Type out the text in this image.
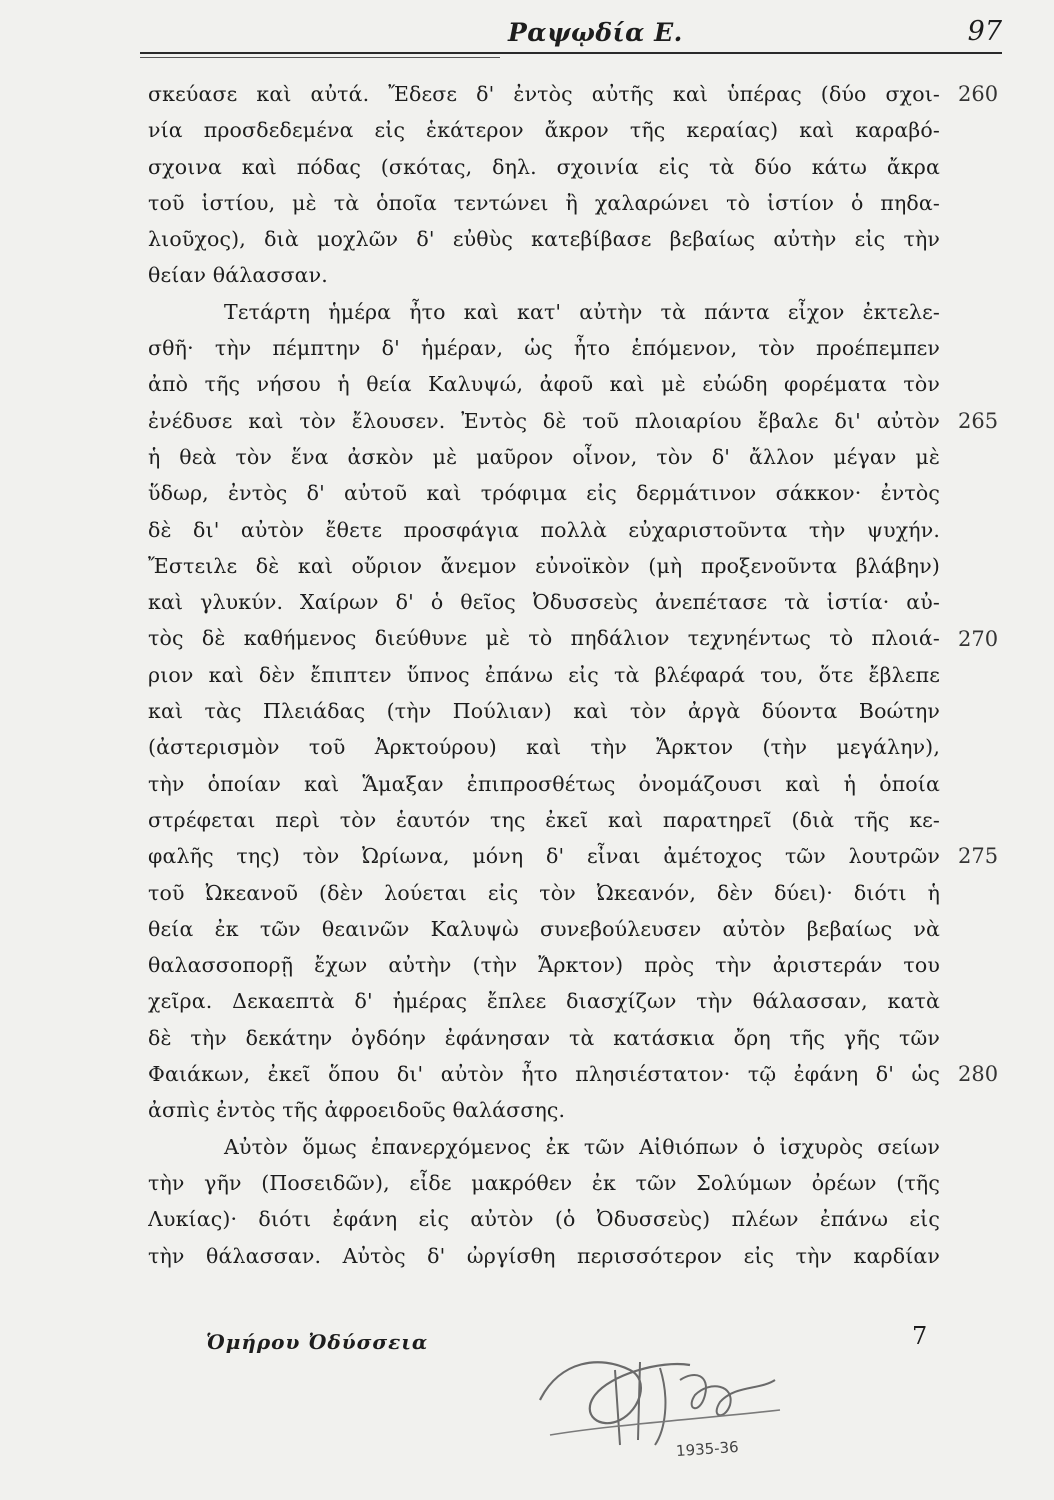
Ραψῳδία Ε.	97
σκεύασε καὶ αὐτά. Ἔδεσε δ' ἐντὸς αὐτῆς καὶ ὑπέρας (δύο σχοι-
νία προσδεδεμένα εἰς ἑκάτερον ἄκρον τῆς κεραίας) καὶ καραβό-
σχοινα καὶ πόδας (σκότας, δηλ. σχοινία εἰς τὰ δύο κάτω ἄκρα
τοῦ ἱστίου, μὲ τὰ ὁποῖα τεντώνει ἢ χαλαρώνει τὸ ἱστίον ὁ πηδα-
λιοῦχος), διὰ μοχλῶν δ' εὐθὺς κατεβίβασε βεβαίως αὐτὴν εἰς τὴν
θείαν θάλασσαν.
Τετάρτη ἡμέρα ἦτο καὶ κατ' αὐτὴν τὰ πάντα εἶχον ἐκτελε-
σθῆ· τὴν πέμπτην δ' ἡμέραν, ὡς ἦτο ἑπόμενον, τὸν προέπεμπεν
ἀπὸ τῆς νήσου ἡ θεία Καλυψώ, ἀφοῦ καὶ μὲ εὐώδη φορέματα τὸν
ἐνέδυσε καὶ τὸν ἔλουσεν. Ἐντὸς δὲ τοῦ πλοιαρίου ἔβαλε δι' αὐτὸν
ἡ θεὰ τὸν ἕνα ἀσκὸν μὲ μαῦρον οἶνον, τὸν δ' ἄλλον μέγαν μὲ
ὕδωρ, ἐντὸς δ' αὐτοῦ καὶ τρόφιμα εἰς δερμάτινον σάκκον· ἐντὸς
δὲ δι' αὐτὸν ἔθετε προσφάγια πολλὰ εὐχαριστοῦντα τὴν ψυχήν.
Ἔστειλε δὲ καὶ οὔριον ἄνεμον εὐνοϊκὸν (μὴ προξενοῦντα βλάβην)
καὶ γλυκύν. Χαίρων δ' ὁ θεῖος Ὀδυσσεὺς ἀνεπέτασε τὰ ἱστία· αὐ-
τὸς δὲ καθήμενος διεύθυνε μὲ τὸ πηδάλιον τεχνηέντως τὸ πλοιά-
ριον καὶ δὲν ἔπιπτεν ὕπνος ἐπάνω εἰς τὰ βλέφαρά του, ὅτε ἔβλεπε
καὶ τὰς Πλειάδας (τὴν Πούλιαν) καὶ τὸν ἀργὰ δύοντα Βοώτην
(ἀστερισμὸν τοῦ Ἀρκτούρου) καὶ τὴν Ἄρκτον (τὴν μεγάλην),
τὴν ὁποίαν καὶ Ἅμαξαν ἐπιπροσθέτως ὀνομάζουσι καὶ ἡ ὁποία
στρέφεται περὶ τὸν ἑαυτόν της ἐκεῖ καὶ παρατηρεῖ (διὰ τῆς κε-
φαλῆς της) τὸν Ὠρίωνα, μόνη δ' εἶναι ἀμέτοχος τῶν λουτρῶν
τοῦ Ὠκεανοῦ (δὲν λούεται εἰς τὸν Ὠκεανόν, δὲν δύει)· διότι ἡ
θεία ἐκ τῶν θεαινῶν Καλυψὼ συνεβούλευσεν αὐτὸν βεβαίως νὰ
θαλασσοπορῇ ἔχων αὐτὴν (τὴν Ἄρκτον) πρὸς τὴν ἀριστεράν του
χεῖρα. Δεκαεπτὰ δ' ἡμέρας ἔπλεε διασχίζων τὴν θάλασσαν, κατὰ
δὲ τὴν δεκάτην ὀγδόην ἐφάνησαν τὰ κατάσκια ὄρη τῆς γῆς τῶν
Φαιάκων, ἐκεῖ ὅπου δι' αὐτὸν ἦτο πλησιέστατον· τῷ ἐφάνη δ' ὡς
ἀσπὶς ἐντὸς τῆς ἀφροειδοῦς θαλάσσης.
Αὐτὸν ὅμως ἐπανερχόμενος ἐκ τῶν Αἰθιόπων ὁ ἰσχυρὸς σείων
τὴν γῆν (Ποσειδῶν), εἶδε μακρόθεν ἐκ τῶν Σολύμων ὀρέων (τῆς
Λυκίας)· διότι ἐφάνη εἰς αὐτὸν (ὁ Ὀδυσσεὺς) πλέων ἐπάνω εἰς
τὴν θάλασσαν. Αὐτὸς δ' ὠργίσθη περισσότερον εἰς τὴν καρδίαν
260
265
270
275
280
Ὁμήρου Ὀδύσσεια	7
1935-36
